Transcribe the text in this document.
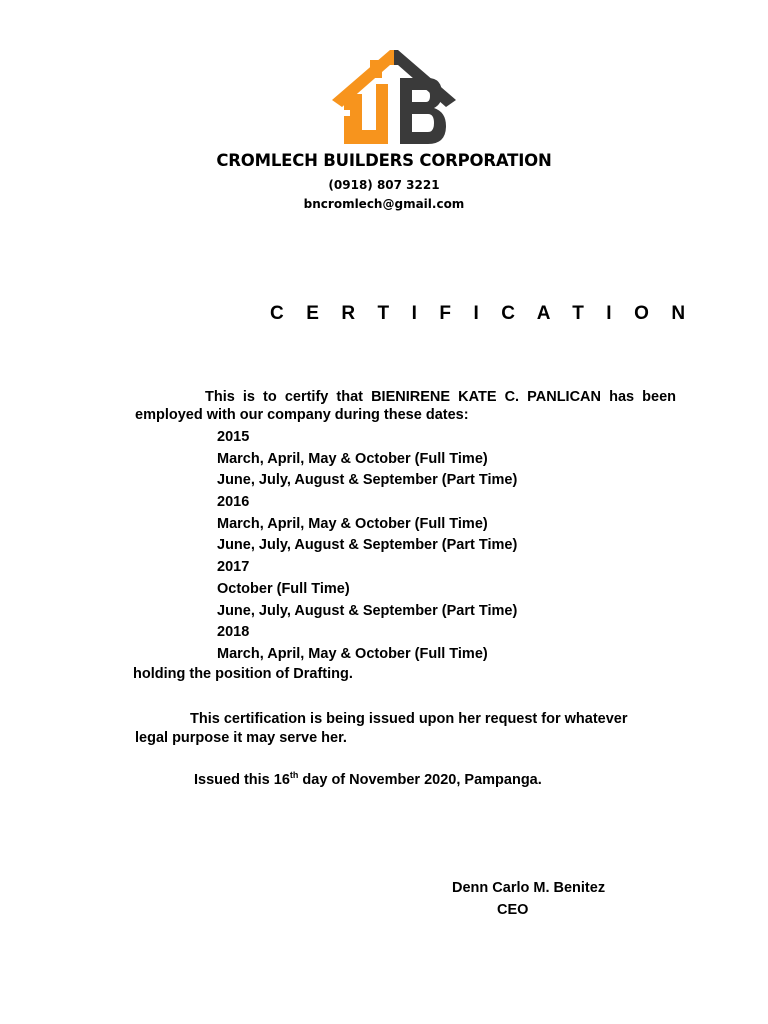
CROMLECH BUILDERS CORPORATION

(0918) 807 3221

bncromlech@gmail.com

C E R T I F I C A T I O N

This is to certify that BIENIRENE KATE C. PANLICAN has been employed with our company during these dates:

2015
March, April, May & October (Full Time)
June, July, August & September (Part Time)
2016
March, April, May & October (Full Time)
June, July, August & September (Part Time)
2017
October (Full Time)
June, July, August & September (Part Time)
2018
March, April, May & October (Full Time)

holding the position of Drafting.

This certification is being issued upon her request for whatever legal purpose it may serve her.

Issued this 16th day of November 2020, Pampanga.

Denn Carlo M. Benitez

CEO
